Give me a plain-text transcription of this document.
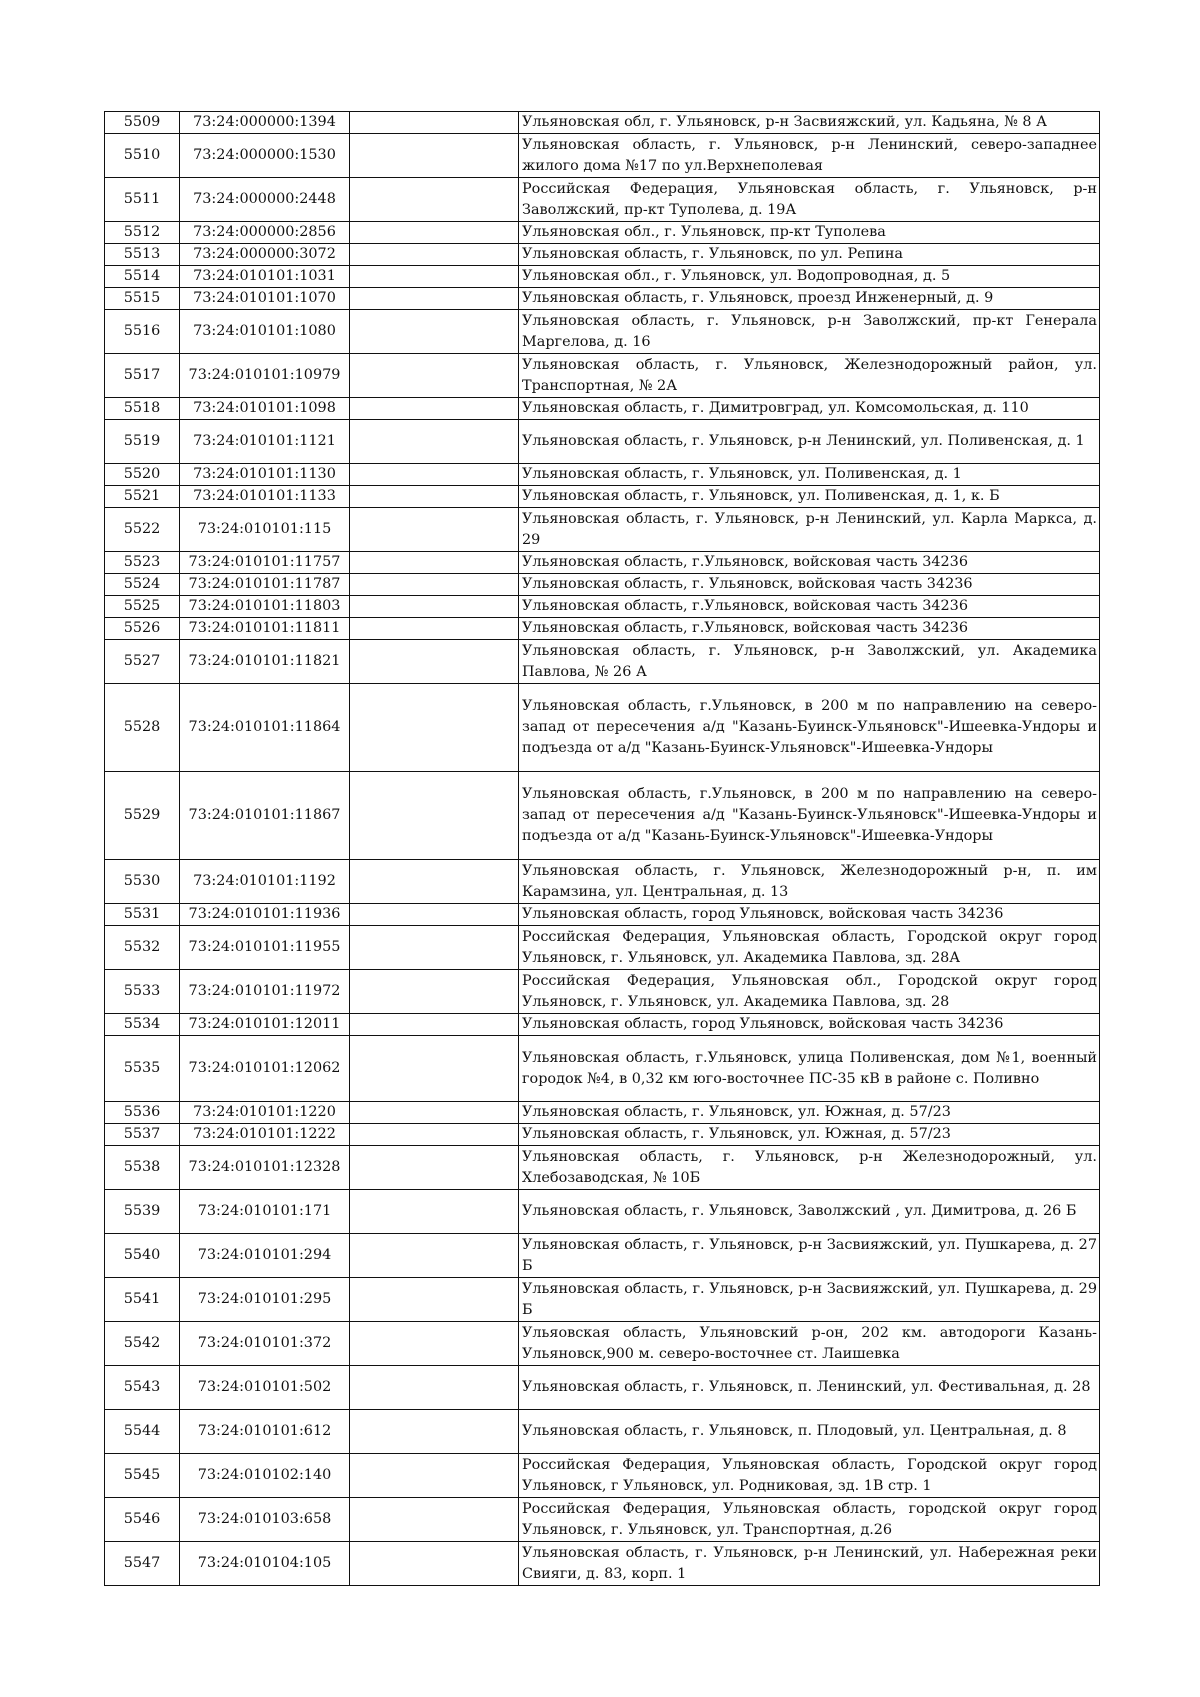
5509	73:24:000000:1394		Ульяновская обл, г. Ульяновск, р-н Засвияжский, ул. Кадьяна, № 8 А
5510	73:24:000000:1530		Ульяновская область, г. Ульяновск, р-н Ленинский, северо-западнее жилого дома №17 по ул.Верхнеполевая
5511	73:24:000000:2448		Российская Федерация, Ульяновская область, г. Ульяновск, р-н Заволжский, пр-кт Туполева, д. 19А
5512	73:24:000000:2856		Ульяновская обл., г. Ульяновск, пр-кт Туполева
5513	73:24:000000:3072		Ульяновская область, г. Ульяновск, по ул. Репина
5514	73:24:010101:1031		Ульяновская обл., г. Ульяновск, ул. Водопроводная, д. 5
5515	73:24:010101:1070		Ульяновская область, г. Ульяновск, проезд Инженерный, д. 9
5516	73:24:010101:1080		Ульяновская область, г. Ульяновск, р-н Заволжский, пр-кт Генерала Маргелова, д. 16
5517	73:24:010101:10979		Ульяновская область, г. Ульяновск, Железнодорожный район, ул. Транспортная, № 2А
5518	73:24:010101:1098		Ульяновская область, г. Димитровград, ул. Комсомольская, д. 110
5519	73:24:010101:1121		Ульяновская область, г. Ульяновск, р-н Ленинский, ул. Поливенская, д. 1
5520	73:24:010101:1130		Ульяновская область, г. Ульяновск, ул. Поливенская, д. 1
5521	73:24:010101:1133		Ульяновская область, г. Ульяновск, ул. Поливенская, д. 1, к. Б
5522	73:24:010101:115		Ульяновская область, г. Ульяновск, р-н Ленинский, ул. Карла Маркса, д. 29
5523	73:24:010101:11757		Ульяновская область, г.Ульяновск, войсковая часть 34236
5524	73:24:010101:11787		Ульяновская область, г. Ульяновск, войсковая часть 34236
5525	73:24:010101:11803		Ульяновская область, г.Ульяновск, войсковая часть 34236
5526	73:24:010101:11811		Ульяновская область, г.Ульяновск, войсковая часть 34236
5527	73:24:010101:11821		Ульяновская область, г. Ульяновск, р-н Заволжский, ул. Академика Павлова, № 26 А
5528	73:24:010101:11864		Ульяновская область, г.Ульяновск, в 200 м по направлению на северо-запад от пересечения а/д "Казань-Буинск-Ульяновск"-Ишеевка-Ундоры и подъезда от а/д "Казань-Буинск-Ульяновск"-Ишеевка-Ундоры
5529	73:24:010101:11867		Ульяновская область, г.Ульяновск, в 200 м по направлению на северо-запад от пересечения а/д "Казань-Буинск-Ульяновск"-Ишеевка-Ундоры и подъезда от а/д "Казань-Буинск-Ульяновск"-Ишеевка-Ундоры
5530	73:24:010101:1192		Ульяновская область, г. Ульяновск, Железнодорожный р-н, п. им Карамзина, ул. Центральная, д. 13
5531	73:24:010101:11936		Ульяновская область, город Ульяновск, войсковая часть 34236
5532	73:24:010101:11955		Российская Федерация, Ульяновская область, Городской округ город Ульяновск, г. Ульяновск, ул. Академика Павлова, зд. 28А
5533	73:24:010101:11972		Российская Федерация, Ульяновская обл., Городской округ город Ульяновск, г. Ульяновск, ул. Академика Павлова, зд. 28
5534	73:24:010101:12011		Ульяновская область, город Ульяновск, войсковая часть 34236
5535	73:24:010101:12062		Ульяновская область, г.Ульяновск, улица Поливенская, дом №1, военный городок №4, в 0,32 км юго-восточнее ПС-35 кВ в районе с. Поливно
5536	73:24:010101:1220		Ульяновская область, г. Ульяновск, ул. Южная, д. 57/23
5537	73:24:010101:1222		Ульяновская область, г. Ульяновск, ул. Южная, д. 57/23
5538	73:24:010101:12328		Ульяновская область, г. Ульяновск, р-н Железнодорожный, ул. Хлебозаводская, № 10Б
5539	73:24:010101:171		Ульяновская область, г. Ульяновск, Заволжский , ул. Димитрова, д. 26 Б
5540	73:24:010101:294		Ульяновская область, г. Ульяновск, р-н Засвияжский, ул. Пушкарева, д. 27 Б
5541	73:24:010101:295		Ульяновская область, г. Ульяновск, р-н Засвияжский, ул. Пушкарева, д. 29 Б
5542	73:24:010101:372		Ульяовская область, Ульяновский р-он, 202 км. автодороги Казань-Ульяновск,900 м. северо-восточнее ст. Лаишевка
5543	73:24:010101:502		Ульяновская область, г. Ульяновск, п. Ленинский, ул. Фестивальная, д. 28
5544	73:24:010101:612		Ульяновская область, г. Ульяновск, п. Плодовый, ул. Центральная, д. 8
5545	73:24:010102:140		Российская Федерация, Ульяновская область, Городской округ город Ульяновск, г Ульяновск, ул. Родниковая, зд. 1В стр. 1
5546	73:24:010103:658		Российская Федерация, Ульяновская область, городской округ город Ульяновск, г. Ульяновск, ул. Транспортная, д.26
5547	73:24:010104:105		Ульяновская область, г. Ульяновск, р-н Ленинский, ул. Набережная реки Свияги, д. 83, корп. 1
